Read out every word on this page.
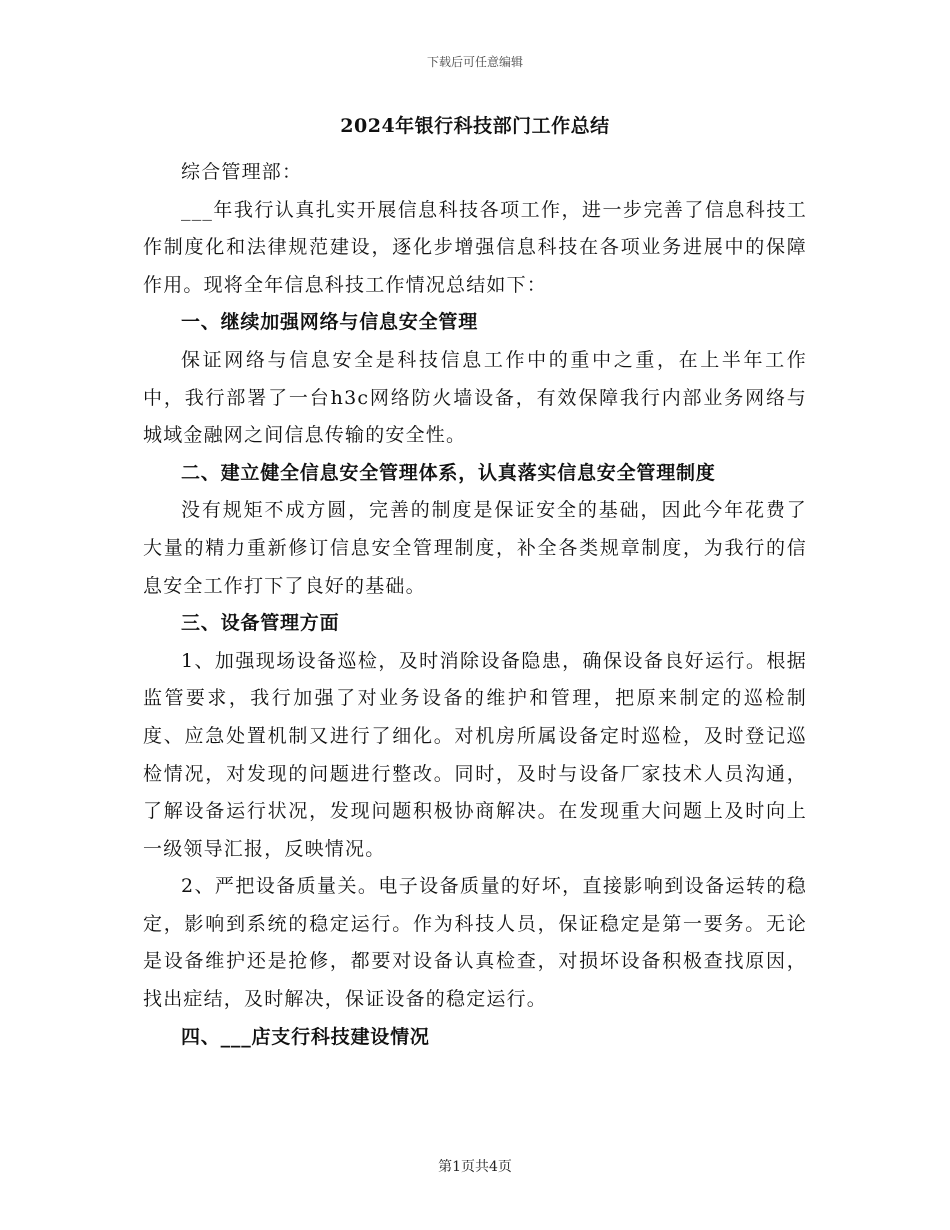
下载后可任意编辑
2024年银行科技部门工作总结

综合管理部：

___年我行认真扎实开展信息科技各项工作，进一步完善了信息科技工作制度化和法律规范建设，逐化步增强信息科技在各项业务进展中的保障作用。现将全年信息科技工作情况总结如下：

一、继续加强网络与信息安全管理

保证网络与信息安全是科技信息工作中的重中之重，在上半年工作中，我行部署了一台h3c网络防火墙设备，有效保障我行内部业务网络与城域金融网之间信息传输的安全性。

二、建立健全信息安全管理体系，认真落实信息安全管理制度

没有规矩不成方圆，完善的制度是保证安全的基础，因此今年花费了大量的精力重新修订信息安全管理制度，补全各类规章制度，为我行的信息安全工作打下了良好的基础。

三、设备管理方面

1、加强现场设备巡检，及时消除设备隐患，确保设备良好运行。根据监管要求，我行加强了对业务设备的维护和管理，把原来制定的巡检制度、应急处置机制又进行了细化。对机房所属设备定时巡检，及时登记巡检情况，对发现的问题进行整改。同时，及时与设备厂家技术人员沟通，了解设备运行状况，发现问题积极协商解决。在发现重大问题上及时向上一级领导汇报，反映情况。

2、严把设备质量关。电子设备质量的好坏，直接影响到设备运转的稳定，影响到系统的稳定运行。作为科技人员，保证稳定是第一要务。无论是设备维护还是抢修，都要对设备认真检查，对损坏设备积极查找原因，找出症结，及时解决，保证设备的稳定运行。

四、___店支行科技建设情况

第1页共4页
